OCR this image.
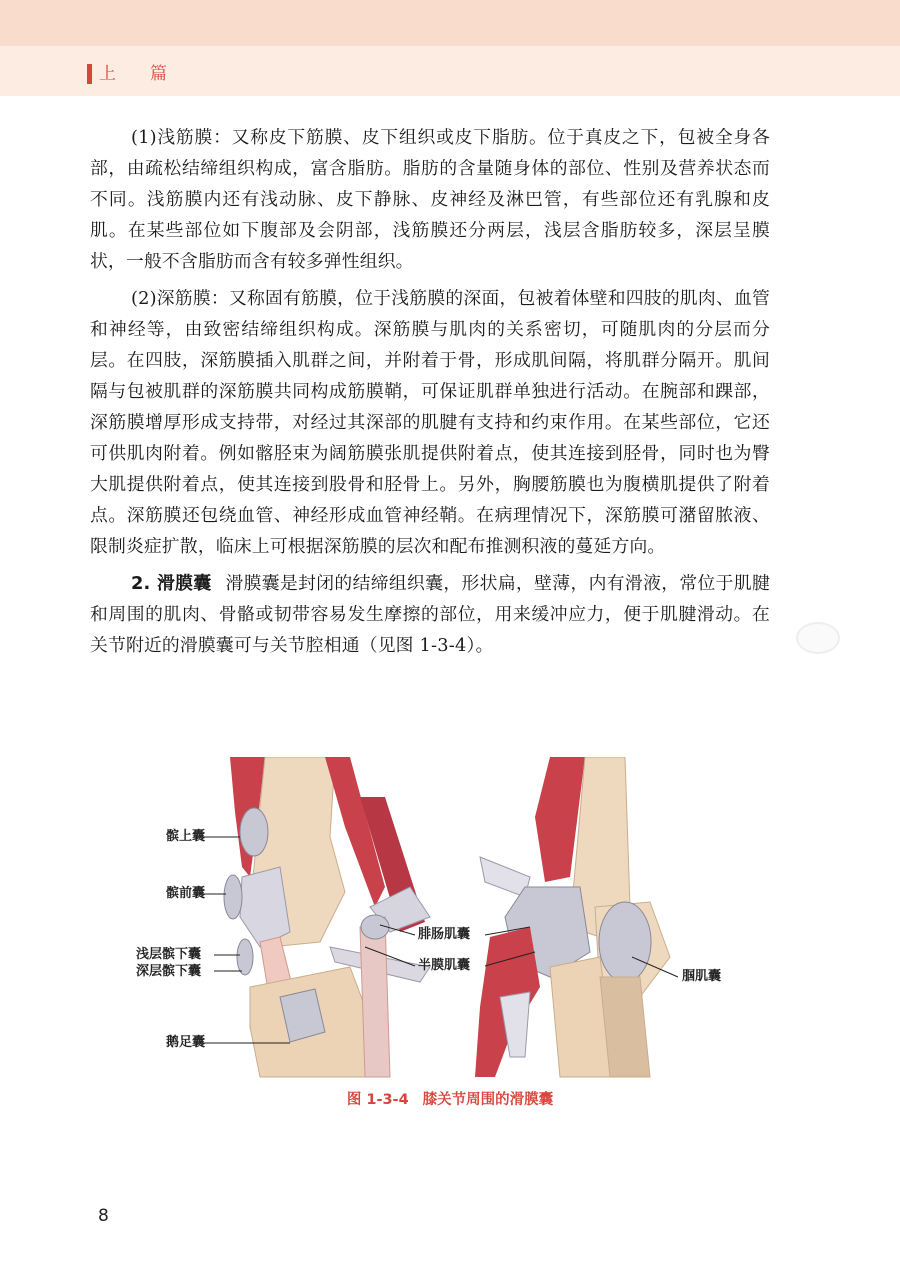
上篇

(1)浅筋膜：又称皮下筋膜、皮下组织或皮下脂肪。位于真皮之下，包被全身各部，由疏松结缔组织构成，富含脂肪。脂肪的含量随身体的部位、性别及营养状态而不同。浅筋膜内还有浅动脉、皮下静脉、皮神经及淋巴管，有些部位还有乳腺和皮肌。在某些部位如下腹部及会阴部，浅筋膜还分两层，浅层含脂肪较多，深层呈膜状，一般不含脂肪而含有较多弹性组织。

(2)深筋膜：又称固有筋膜，位于浅筋膜的深面，包被着体壁和四肢的肌肉、血管和神经等，由致密结缔组织构成。深筋膜与肌肉的关系密切，可随肌肉的分层而分层。在四肢，深筋膜插入肌群之间，并附着于骨，形成肌间隔，将肌群分隔开。肌间隔与包被肌群的深筋膜共同构成筋膜鞘，可保证肌群单独进行活动。在腕部和踝部，深筋膜增厚形成支持带，对经过其深部的肌腱有支持和约束作用。在某些部位，它还可供肌肉附着。例如髂胫束为阔筋膜张肌提供附着点，使其连接到胫骨，同时也为臀大肌提供附着点，使其连接到股骨和胫骨上。另外，胸腰筋膜也为腹横肌提供了附着点。深筋膜还包绕血管、神经形成血管神经鞘。在病理情况下，深筋膜可潴留脓液、限制炎症扩散，临床上可根据深筋膜的层次和配布推测积液的蔓延方向。

2. 滑膜囊 滑膜囊是封闭的结缔组织囊，形状扁，壁薄，内有滑液，常位于肌腱和周围的肌肉、骨骼或韧带容易发生摩擦的部位，用来缓冲应力，便于肌腱滑动。在关节附近的滑膜囊可与关节腔相通（见图 1-3-4）。

髌上囊
髌前囊
浅层髌下囊
深层髌下囊
鹅足囊
腓肠肌囊
半膜肌囊
腘肌囊
图 1-3-4 膝关节周围的滑膜囊
8
